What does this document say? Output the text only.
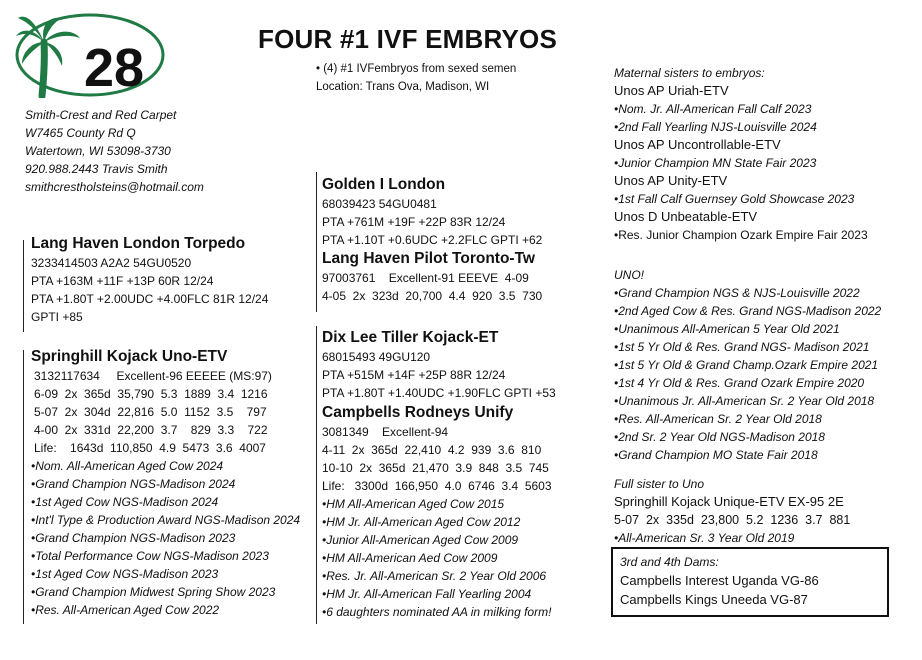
28	FOUR #1 IVF EMBRYOS
• (4) #1 IVFembryos from sexed semen
Location: Trans Ova, Madison, WI
Smith-Crest and Red Carpet
W7465 County Rd Q
Watertown, WI 53098-3730
920.988.2443 Travis Smith
smithcrestholsteins@hotmail.com
Lang Haven London Torpedo
3233414503 A2A2 54GU0520
PTA +163M +11F +13P 60R 12/24
PTA +1.80T +2.00UDC +4.00FLC 81R 12/24
GPTI +85
Springhill Kojack Uno-ETV
3132117634     Excellent-96 EEEEE (MS:97)
6-09  2x  365d  35,790  5.3  1889  3.4  1216
5-07  2x  304d  22,816  5.0  1152  3.5    797
4-00  2x  331d  22,200  3.7    829  3.3    722
Life:    1643d  110,850  4.9  5473  3.6  4007
•Nom. All-American Aged Cow 2024
•Grand Champion NGS-Madison 2024
•1st Aged Cow NGS-Madison 2024
•Int'l Type & Production Award NGS-Madison 2024
•Grand Champion NGS-Madison 2023
•Total Performance Cow NGS-Madison 2023
•1st Aged Cow NGS-Madison 2023
•Grand Champion Midwest Spring Show 2023
•Res. All-American Aged Cow 2022
Golden I London
68039423 54GU0481
PTA +761M +19F +22P 83R 12/24
PTA +1.10T +0.6UDC +2.2FLC GPTI +62
Lang Haven Pilot Toronto-Tw
97003761    Excellent-91 EEEVE  4-09
4-05  2x  323d  20,700  4.4  920  3.5  730
Dix Lee Tiller Kojack-ET
68015493 49GU120
PTA +515M +14F +25P 88R 12/24
PTA +1.80T +1.40UDC +1.90FLC GPTI +53
Campbells Rodneys Unify
3081349    Excellent-94
4-11  2x  365d  22,410  4.2  939  3.6  810
10-10  2x  365d  21,470  3.9  848  3.5  745
Life:   3300d  166,950  4.0  6746  3.4  5603
•HM All-American Aged Cow 2015
•HM Jr. All-American Aged Cow 2012
•Junior All-American Aged Cow 2009
•HM All-American Aed Cow 2009
•Res. Jr. All-American Sr. 2 Year Old 2006
•HM Jr. All-American Fall Yearling 2004
•6 daughters nominated AA in milking form!
Maternal sisters to embryos:
Unos AP Uriah-ETV
•Nom. Jr. All-American Fall Calf 2023
•2nd Fall Yearling NJS-Louisville 2024
Unos AP Uncontrollable-ETV
•Junior Champion MN State Fair 2023
Unos AP Unity-ETV
•1st Fall Calf Guernsey Gold Showcase 2023
Unos D Unbeatable-ETV
•Res. Junior Champion Ozark Empire Fair 2023
UNO!
•Grand Champion NGS & NJS-Louisville 2022
•2nd Aged Cow & Res. Grand NGS-Madison 2022
•Unanimous All-American 5 Year Old 2021
•1st 5 Yr Old & Res. Grand NGS- Madison 2021
•1st 5 Yr Old & Grand Champ.Ozark Empire 2021
•1st 4 Yr Old & Res. Grand Ozark Empire 2020
•Unanimous Jr. All-American Sr. 2 Year Old 2018
•Res. All-American Sr. 2 Year Old 2018
•2nd Sr. 2 Year Old NGS-Madison 2018
•Grand Champion MO State Fair 2018
Full sister to Uno
Springhill Kojack Unique-ETV EX-95 2E
5-07  2x  335d  23,800  5.2  1236  3.7  881
•All-American Sr. 3 Year Old 2019
3rd and 4th Dams:
Campbells Interest Uganda VG-86
Campbells Kings Uneeda VG-87
